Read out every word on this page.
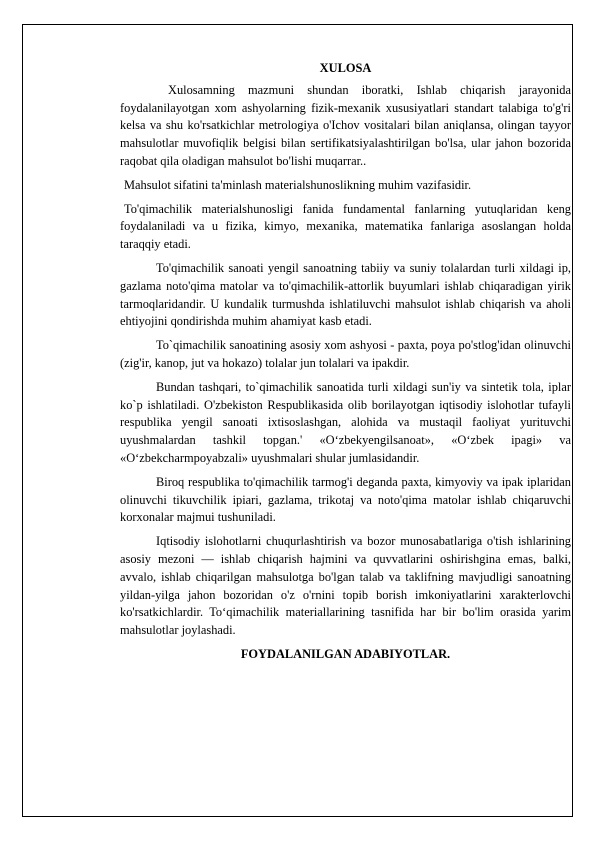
XULOSA

Xulosamning mazmuni shundan iboratki, Ishlab chiqarish jarayonida foydalanilayotgan xom ashyolarning fizik-mexanik xususiyatlari standart talabiga to'g'ri kelsa va shu ko'rsatkichlar metrologiya o'Ichov vositalari bilan aniqlansa, olingan tayyor mahsulotlar muvofiqlik belgisi bilan sertifikatsiyalashtirilgan bo'lsa, ular jahon bozorida raqobat qila oladigan mahsulot bo'lishi muqarrar..

Mahsulot sifatini ta'minlash materialshunoslikning muhim vazifasidir.

To'qimachilik materialshunosligi fanida fundamental fanlarning yutuqlaridan keng foydalaniladi va u fizika, kimyo, mexanika, matematika fanlariga asoslangan holda taraqqiy etadi.

To'qimachilik sanoati yengil sanoatning tabiiy va suniy tolalardan turli xildagi ip, gazlama noto'qima matolar va to'qimachilik-attorlik buyumlari ishlab chiqaradigan yirik tarmoqlaridandir. U kundalik turmushda ishlatiluvchi mahsulot ishlab chiqarish va aholi ehtiyojini qondirishda muhim ahamiyat kasb etadi.

To`qimachilik sanoatining asosiy xom ashyosi - paxta, poya po'stlog'idan olinuvchi (zig'ir, kanop, jut va hokazo) tolalar jun tolalari va ipakdir.

Bundan tashqari, to`qimachilik sanoatida turli xildagi sun'iy va sintetik tola, iplar ko`p ishlatiladi. O'zbekiston Respublikasida olib borilayotgan iqtisodiy islohotlar tufayli respublika yengil sanoati ixtisoslashgan, alohida va mustaqil faoliyat yurituvchi uyushmalardan tashkil topgan.' «O‘zbekyengilsanoat», «O‘zbek ipagi» va «O‘zbekcharmpoyabzali» uyushmalari shular jumlasidandir.

Biroq respublika to'qimachilik tarmog'i deganda paxta, kimyoviy va ipak iplaridan olinuvchi tikuvchilik ipiari, gazlama, trikotaj va noto'qima matolar ishlab chiqaruvchi korxonalar majmui tushuniladi.

Iqtisodiy islohotlarni chuqurlashtirish va bozor munosabatlariga o'tish ishlarining asosiy mezoni — ishlab chiqarish hajmini va quvvatlarini oshirishgina emas, balki, avvalo, ishlab chiqarilgan mahsulotga bo'lgan talab va taklifning mavjudligi sanoatning yildan-yilga jahon bozoridan o'z o'rnini topib borish imkoniyatlarini xarakterlovchi ko'rsatkichlardir. To‘qimachilik materiallarining tasnifida har bir bo'lim orasida yarim mahsulotlar joylashadi.

FOYDALANILGAN ADABIYOTLAR.
